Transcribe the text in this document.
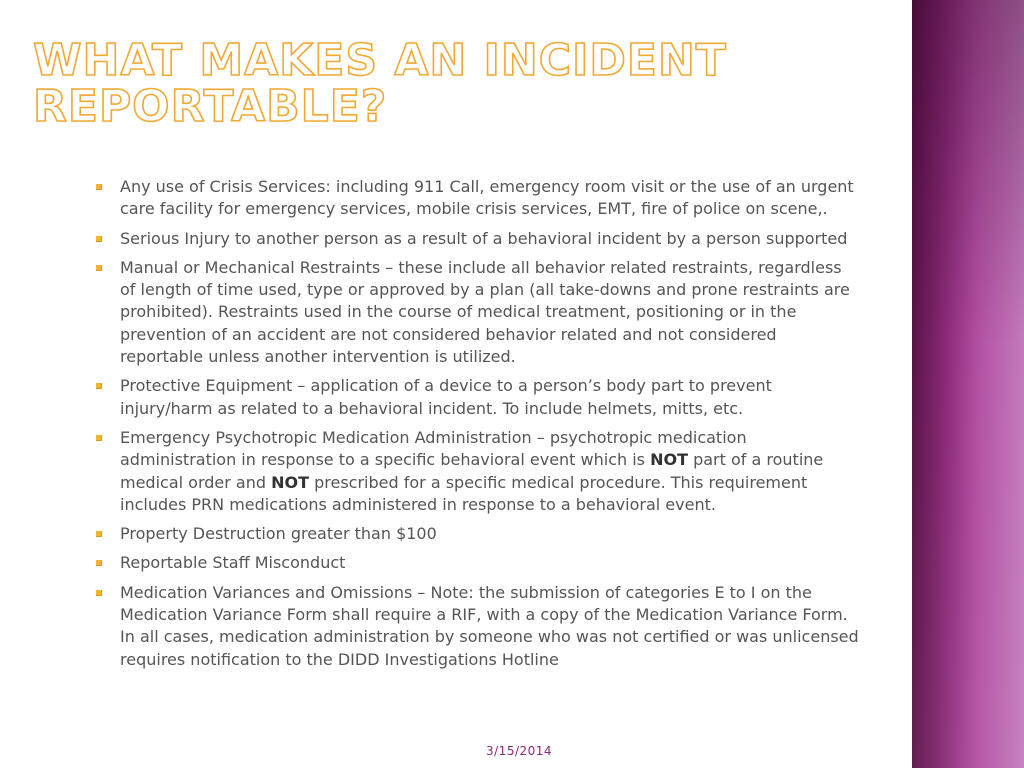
WHAT MAKES AN INCIDENT
REPORTABLE?
Any use of Crisis Services: including 911 Call, emergency room visit or the use of an urgent care facility for emergency services, mobile crisis services, EMT, fire of police on scene,.
Serious Injury to another person as a result of a behavioral incident by a person supported
Manual or Mechanical Restraints – these include all behavior related restraints, regardless of length of time used, type or approved by a plan (all take-downs and prone restraints are prohibited). Restraints used in the course of medical treatment, positioning or in the prevention of an accident are not considered behavior related and not considered reportable unless another intervention is utilized.
Protective Equipment – application of a device to a person’s body part to prevent injury/harm as related to a behavioral incident. To include helmets, mitts, etc.
Emergency Psychotropic Medication Administration – psychotropic medication administration in response to a specific behavioral event which is NOT part of a routine medical order and NOT prescribed for a specific medical procedure. This requirement includes PRN medications administered in response to a behavioral event.
Property Destruction greater than $100
Reportable Staff Misconduct
Medication Variances and Omissions – Note: the submission of categories E to I on the Medication Variance Form shall require a RIF, with a copy of the Medication Variance Form. In all cases, medication administration by someone who was not certified or was unlicensed requires notification to the DIDD Investigations Hotline
3/15/2014
